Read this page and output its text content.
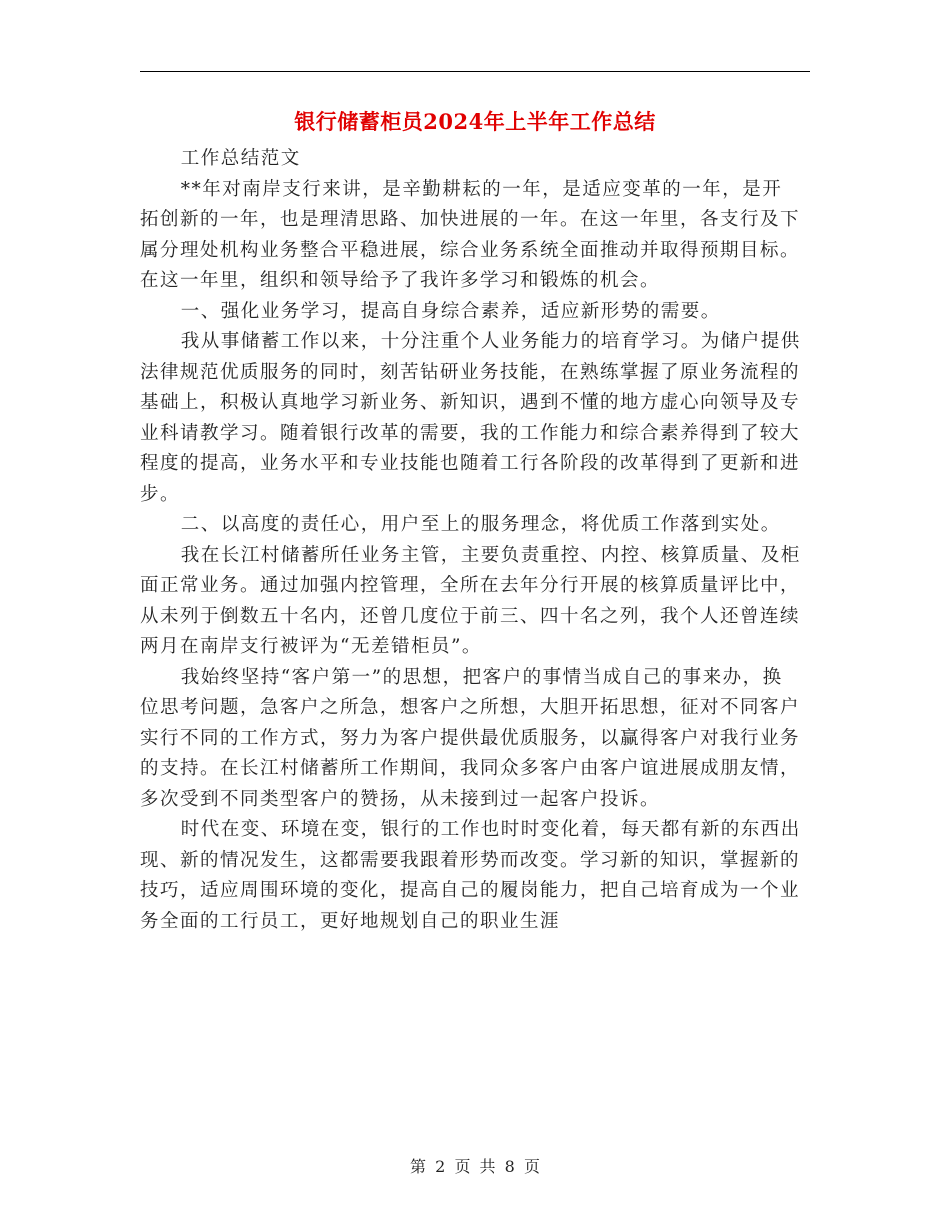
银行储蓄柜员2024年上半年工作总结

工作总结范文

**年对南岸支行来讲，是辛勤耕耘的一年，是适应变革的一年，是开拓创新的一年，也是理清思路、加快进展的一年。在这一年里，各支行及下属分理处机构业务整合平稳进展，综合业务系统全面推动并取得预期目标。在这一年里，组织和领导给予了我许多学习和锻炼的机会。

一、强化业务学习，提高自身综合素养，适应新形势的需要。

我从事储蓄工作以来，十分注重个人业务能力的培育学习。为储户提供法律规范优质服务的同时，刻苦钻研业务技能，在熟练掌握了原业务流程的基础上，积极认真地学习新业务、新知识，遇到不懂的地方虚心向领导及专业科请教学习。随着银行改革的需要，我的工作能力和综合素养得到了较大程度的提高，业务水平和专业技能也随着工行各阶段的改革得到了更新和进步。

二、以高度的责任心，用户至上的服务理念，将优质工作落到实处。

我在长江村储蓄所任业务主管，主要负责重控、内控、核算质量、及柜面正常业务。通过加强内控管理，全所在去年分行开展的核算质量评比中，从未列于倒数五十名内，还曾几度位于前三、四十名之列，我个人还曾连续两月在南岸支行被评为“无差错柜员”。

我始终坚持“客户第一”的思想，把客户的事情当成自己的事来办，换位思考问题，急客户之所急，想客户之所想，大胆开拓思想，征对不同客户实行不同的工作方式，努力为客户提供最优质服务，以赢得客户对我行业务的支持。在长江村储蓄所工作期间，我同众多客户由客户谊进展成朋友情，多次受到不同类型客户的赞扬，从未接到过一起客户投诉。

时代在变、环境在变，银行的工作也时时变化着，每天都有新的东西出现、新的情况发生，这都需要我跟着形势而改变。学习新的知识，掌握新的技巧，适应周围环境的变化，提高自己的履岗能力，把自己培育成为一个业务全面的工行员工，更好地规划自己的职业生涯

第 2 页 共 8 页
